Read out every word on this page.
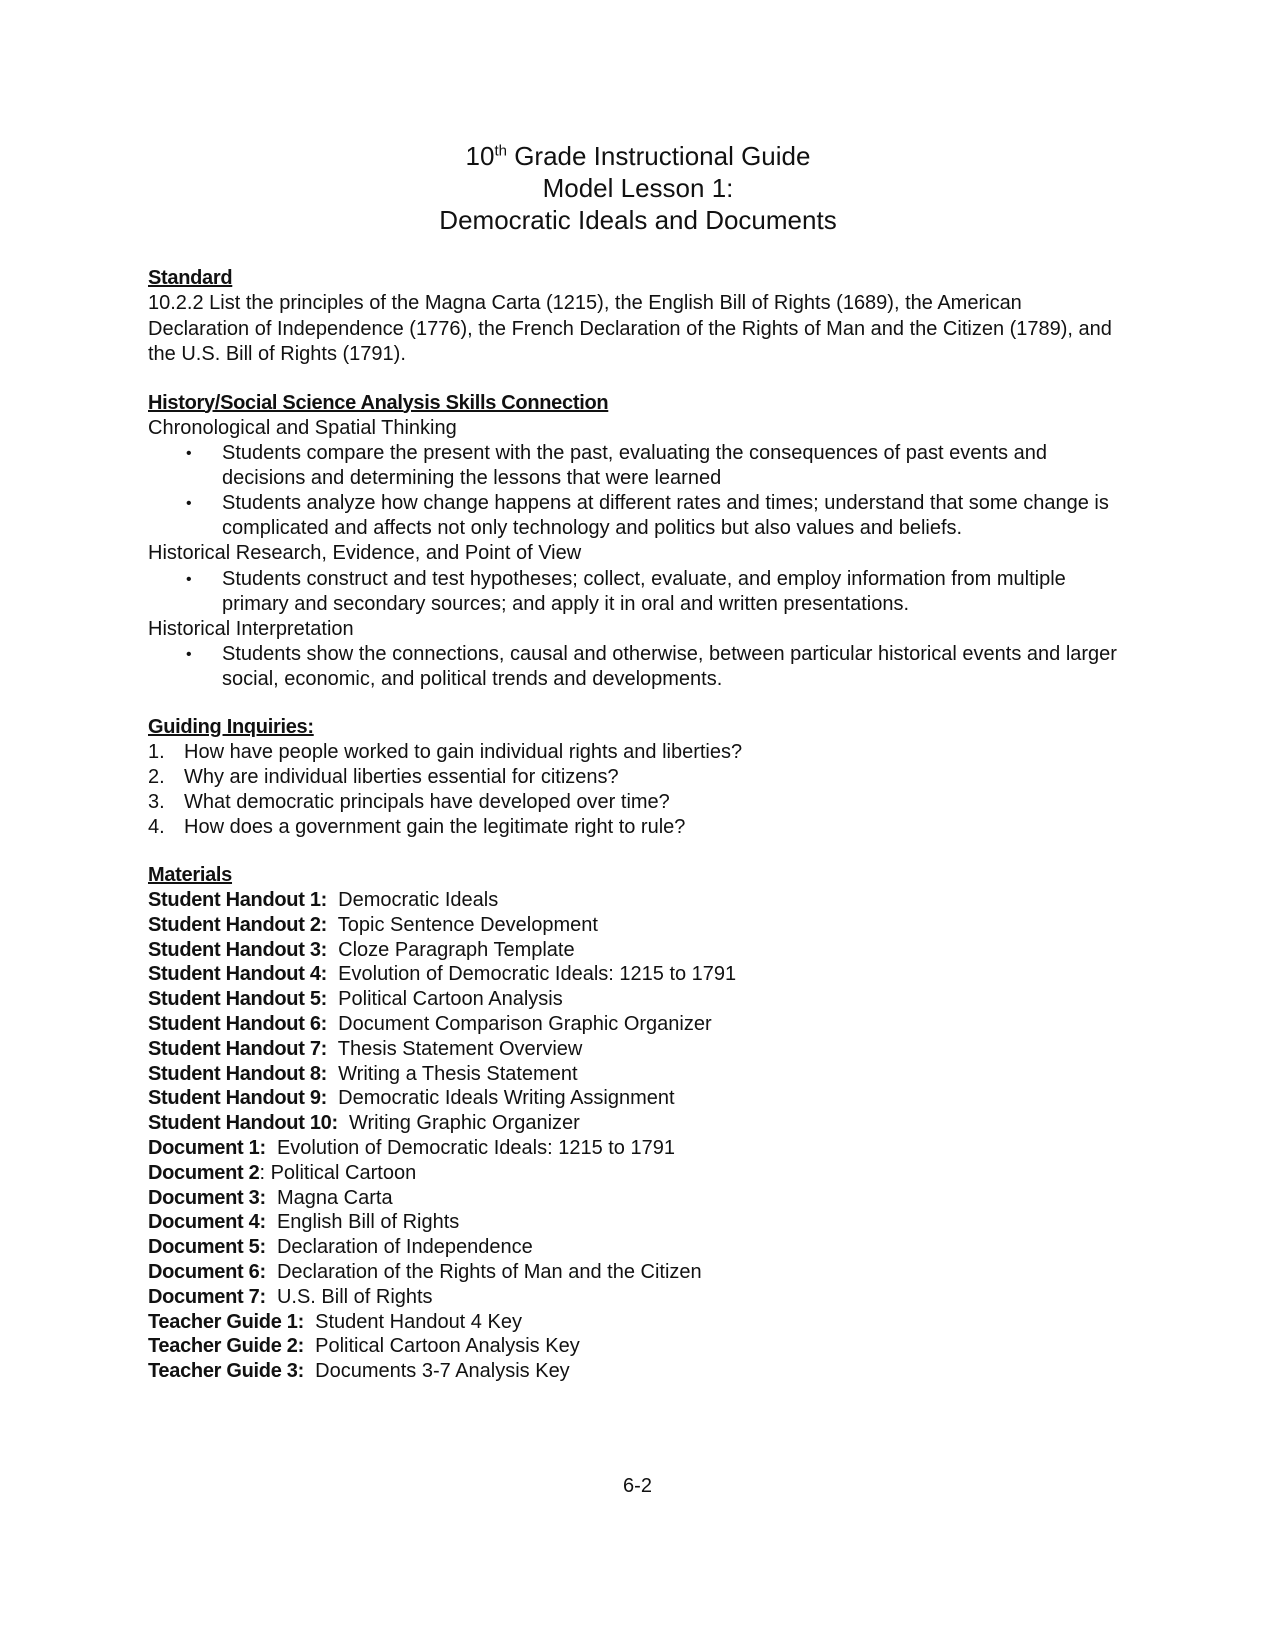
10th Grade Instructional Guide
Model Lesson 1:
Democratic Ideals and Documents

Standard

10.2.2 List the principles of the Magna Carta (1215), the English Bill of Rights (1689), the American Declaration of Independence (1776), the French Declaration of the Rights of Man and the Citizen (1789), and the U.S. Bill of Rights (1791).

History/Social Science Analysis Skills Connection

Chronological and Spatial Thinking

• Students compare the present with the past, evaluating the consequences of past events and decisions and determining the lessons that were learned
• Students analyze how change happens at different rates and times; understand that some change is complicated and affects not only technology and politics but also values and beliefs.

Historical Research, Evidence, and Point of View

• Students construct and test hypotheses; collect, evaluate, and employ information from multiple primary and secondary sources; and apply it in oral and written presentations.

Historical Interpretation

• Students show the connections, causal and otherwise, between particular historical events and larger social, economic, and political trends and developments.

Guiding Inquiries:

1. How have people worked to gain individual rights and liberties?
2. Why are individual liberties essential for citizens?
3. What democratic principals have developed over time?
4. How does a government gain the legitimate right to rule?

Materials

Student Handout 1: Democratic Ideals

Student Handout 2: Topic Sentence Development

Student Handout 3: Cloze Paragraph Template

Student Handout 4: Evolution of Democratic Ideals: 1215 to 1791

Student Handout 5: Political Cartoon Analysis

Student Handout 6: Document Comparison Graphic Organizer

Student Handout 7: Thesis Statement Overview

Student Handout 8: Writing a Thesis Statement

Student Handout 9: Democratic Ideals Writing Assignment

Student Handout 10: Writing Graphic Organizer

Document 1: Evolution of Democratic Ideals: 1215 to 1791

Document 2: Political Cartoon

Document 3: Magna Carta

Document 4: English Bill of Rights

Document 5: Declaration of Independence

Document 6: Declaration of the Rights of Man and the Citizen

Document 7: U.S. Bill of Rights

Teacher Guide 1: Student Handout 4 Key

Teacher Guide 2: Political Cartoon Analysis Key

Teacher Guide 3: Documents 3-7 Analysis Key

6-2
